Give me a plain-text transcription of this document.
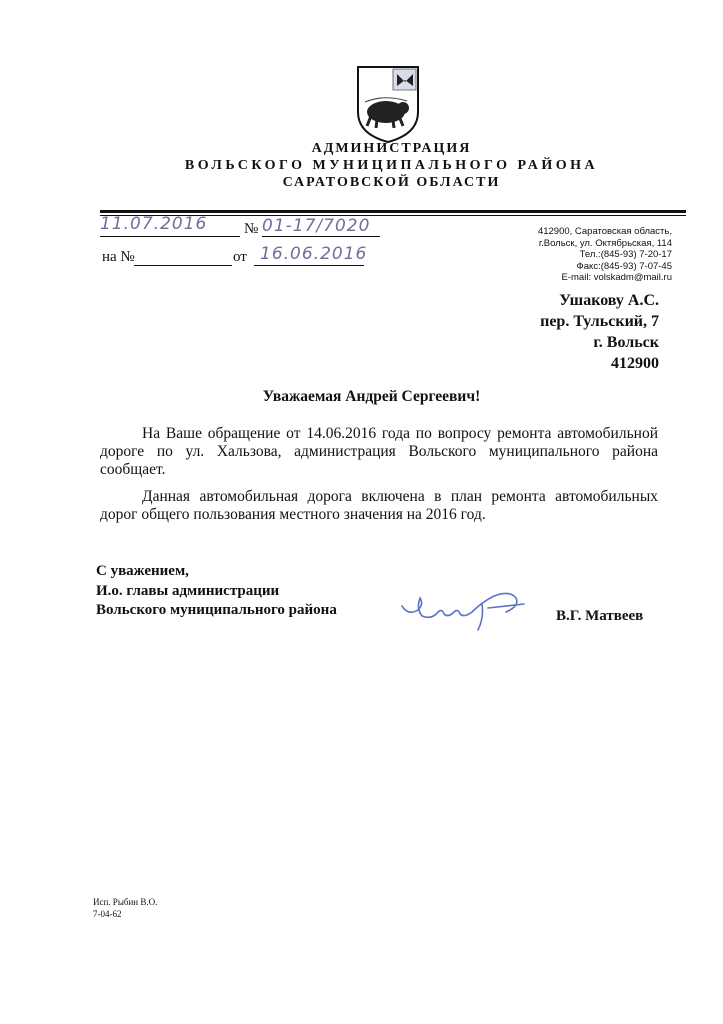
АДМИНИСТРАЦИЯ
ВОЛЬСКОГО МУНИЦИПАЛЬНОГО РАЙОНА
САРАТОВСКОЙ ОБЛАСТИ
11.07.2016 № 01-17/7020
на №	от 16.06.2016
412900, Саратовская область,
г.Вольск, ул. Октябрьская, 114
Тел.:(845-93) 7-20-17
Факс:(845-93) 7-07-45
E-mail: volskadm@mail.ru
Ушакову А.С.
пер. Тульский, 7
г. Вольск
412900
Уважаемая Андрей Сергеевич!
На Ваше обращение от 14.06.2016 года по вопросу ремонта автомобильной дороге по ул. Хальзова, администрация Вольского муниципального района сообщает.
Данная автомобильная дорога включена в план ремонта автомобильных дорог общего пользования местного значения на 2016 год.
С уважением,
И.о. главы администрации
Вольского муниципального района	В.Г. Матвеев
Исп. Рыбин В.О.
7-04-62
